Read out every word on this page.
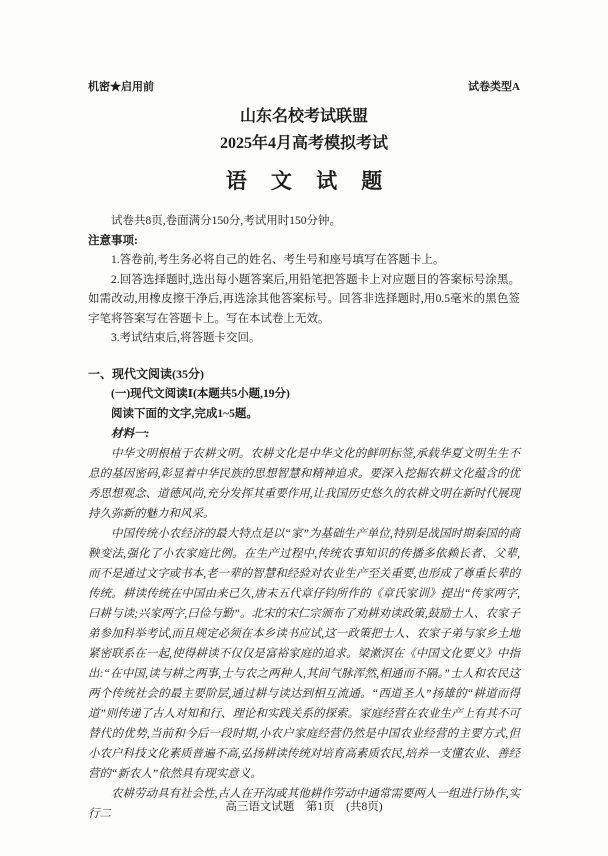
机密★启用前	试卷类型A
山东名校考试联盟
2025年4月高考模拟考试
语 文 试 题

试卷共8页,卷面满分150分,考试用时150分钟。

注意事项:

1.答卷前,考生务必将自己的姓名、考生号和座号填写在答题卡上。

2.回答选择题时,选出每小题答案后,用铅笔把答题卡上对应题目的答案标号涂黑。如需改动,用橡皮擦干净后,再选涂其他答案标号。回答非选择题时,用0.5毫米的黑色签字笔将答案写在答题卡上。写在本试卷上无效。

3.考试结束后,将答题卡交回。

一、现代文阅读(35分)
(一)现代文阅读Ⅰ(本题共5小题,19分)
阅读下面的文字,完成1~5题。
材料一:

中华文明根植于农耕文明。农耕文化是中华文化的鲜明标签,承载华夏文明生生不息的基因密码,彰显着中华民族的思想智慧和精神追求。要深入挖掘农耕文化蕴含的优秀思想观念、道德风尚,充分发挥其重要作用,让我国历史悠久的农耕文明在新时代展现持久弥新的魅力和风采。

中国传统小农经济的最大特点是以“家”为基础生产单位,特别是战国时期秦国的商鞅变法,强化了小农家庭比例。在生产过程中,传统农事知识的传播多依赖长者、父辈,而不是通过文字或书本,老一辈的智慧和经验对农业生产至关重要,也形成了尊重长辈的传统。耕读传统在中国由来已久,唐末五代章仔钧所作的《章氏家训》提出“传家两字,曰耕与读;兴家两字,曰俭与勤”。北宋的宋仁宗颁布了劝耕劝读政策,鼓励士人、农家子弟参加科举考试,而且规定必须在本乡读书应试,这一政策把士人、农家子弟与家乡土地紧密联系在一起,使得耕读不仅仅是富裕家庭的追求。梁漱溟在《中国文化要义》中指出:“在中国,读与耕之两事,士与农之两种人,其间气脉浑然,相通而不隔。”士人和农民这两个传统社会的最主要阶层,通过耕与读达到相互流通。“西道圣人”扬雄的“耕道而得道”则传递了古人对知和行、理论和实践关系的探索。家庭经营在农业生产上有其不可替代的优势,当前和今后一段时期,小农户家庭经营仍然是中国农业经营的主要方式,但小农户科技文化素质普遍不高,弘扬耕读传统对培育高素质农民,培养一支懂农业、善经营的“新农人”依然具有现实意义。

农耕劳动具有社会性,古人在开沟或其他耕作劳动中通常需要两人一组进行协作,实行二

高三语文试题　第1页　(共8页)
